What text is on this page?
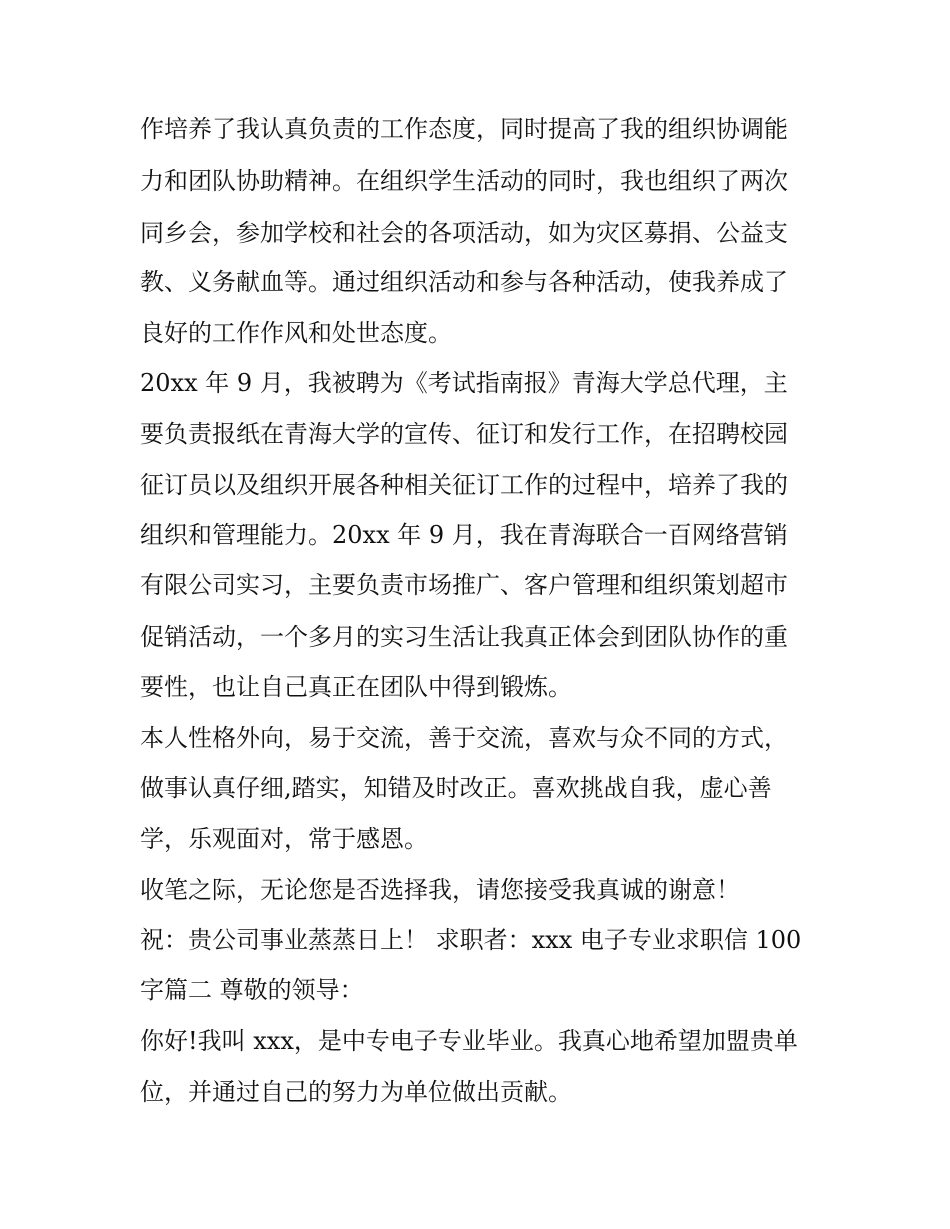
作培养了我认真负责的工作态度，同时提高了我的组织协调能
力和团队协助精神。在组织学生活动的同时，我也组织了两次
同乡会，参加学校和社会的各项活动，如为灾区募捐、公益支
教、义务献血等。通过组织活动和参与各种活动，使我养成了
良好的工作作风和处世态度。
20xx 年 9 月，我被聘为《考试指南报》青海大学总代理，主
要负责报纸在青海大学的宣传、征订和发行工作，在招聘校园
征订员以及组织开展各种相关征订工作的过程中，培养了我的
组织和管理能力。20xx 年 9 月，我在青海联合一百网络营销
有限公司实习，主要负责市场推广、客户管理和组织策划超市
促销活动，一个多月的实习生活让我真正体会到团队协作的重
要性，也让自己真正在团队中得到锻炼。
本人性格外向，易于交流，善于交流，喜欢与众不同的方式，
做事认真仔细,踏实，知错及时改正。喜欢挑战自我，虚心善
学，乐观面对，常于感恩。
收笔之际，无论您是否选择我，请您接受我真诚的谢意！
祝：贵公司事业蒸蒸日上！ 求职者：xxx 电子专业求职信 100
字篇二 尊敬的领导：
你好!我叫 xxx，是中专电子专业毕业。我真心地希望加盟贵单
位，并通过自己的努力为单位做出贡献。
